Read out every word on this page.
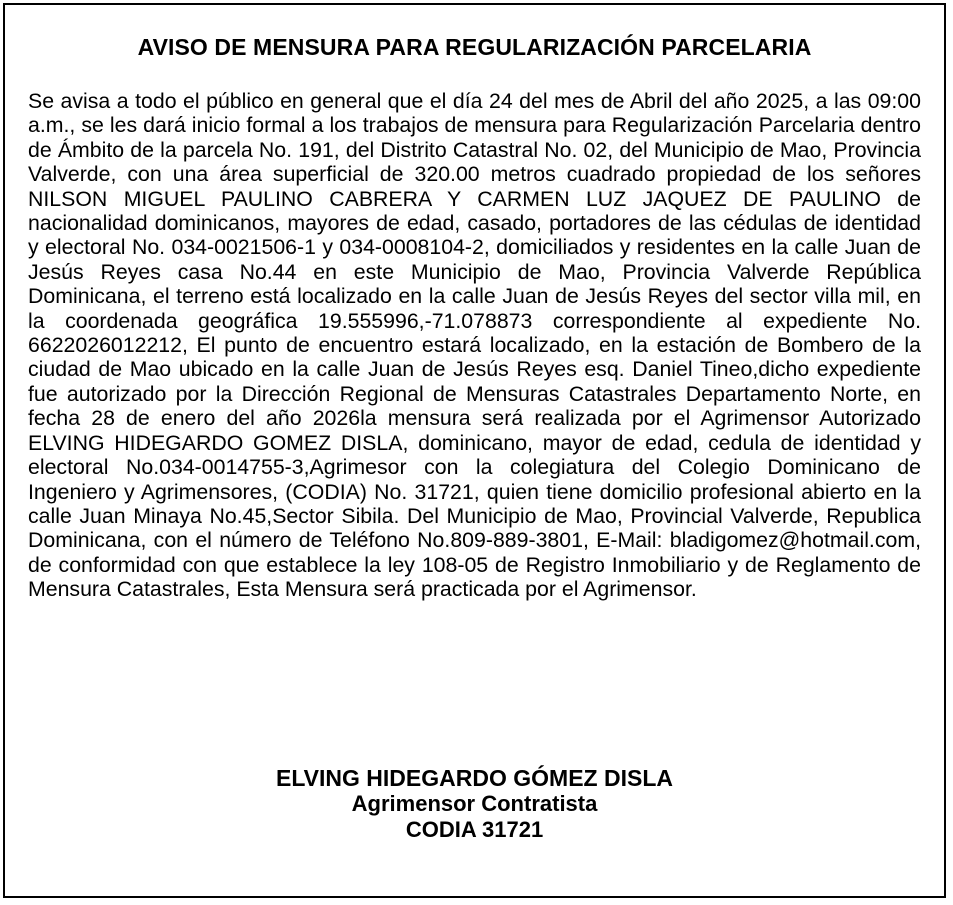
AVISO DE MENSURA PARA REGULARIZACIÓN PARCELARIA

Se avisa a todo el público en general que el día 24 del mes de Abril del año 2025, a las 09:00 a.m., se les dará inicio formal a los trabajos de mensura para Regularización Parcelaria dentro de Ámbito de la parcela No. 191, del Distrito Catastral No. 02, del Municipio de Mao, Provincia Valverde, con una área superficial de 320.00 metros cuadrado propiedad de los señores NILSON MIGUEL PAULINO CABRERA Y CARMEN LUZ JAQUEZ DE PAULINO de nacionalidad dominicanos, mayores de edad, casado, portadores de las cédulas de identidad y electoral No. 034-0021506-1 y 034-0008104-2, domiciliados y residentes en la calle Juan de Jesús Reyes casa No.44 en este Municipio de Mao, Provincia Valverde República Dominicana, el terreno está localizado en la calle Juan de Jesús Reyes del sector villa mil, en la coordenada geográfica 19.555996,-71.078873 correspondiente al expediente No. 6622026012212, El punto de encuentro estará localizado, en la estación de Bombero de la ciudad de Mao ubicado en la calle Juan de Jesús Reyes esq. Daniel Tineo,dicho expediente fue autorizado por la Dirección Regional de Mensuras Catastrales Departamento Norte, en fecha 28 de enero del año 2026la mensura será realizada por el Agrimensor Autorizado ELVING HIDEGARDO GOMEZ DISLA, dominicano, mayor de edad, cedula de identidad y electoral No.034-0014755-3,Agrimesor con la colegiatura del Colegio Dominicano de Ingeniero y Agrimensores, (CODIA) No. 31721, quien tiene domicilio profesional abierto en la calle Juan Minaya No.45,Sector Sibila. Del Municipio de Mao, Provincial Valverde, Republica Dominicana, con el número de Teléfono No.809-889-3801, E-Mail: bladigomez@hotmail.com, de conformidad con que establece la ley 108-05 de Registro Inmobiliario y de Reglamento de Mensura Catastrales, Esta Mensura será practicada por el Agrimensor.

ELVING HIDEGARDO GÓMEZ DISLA
Agrimensor Contratista
CODIA 31721
